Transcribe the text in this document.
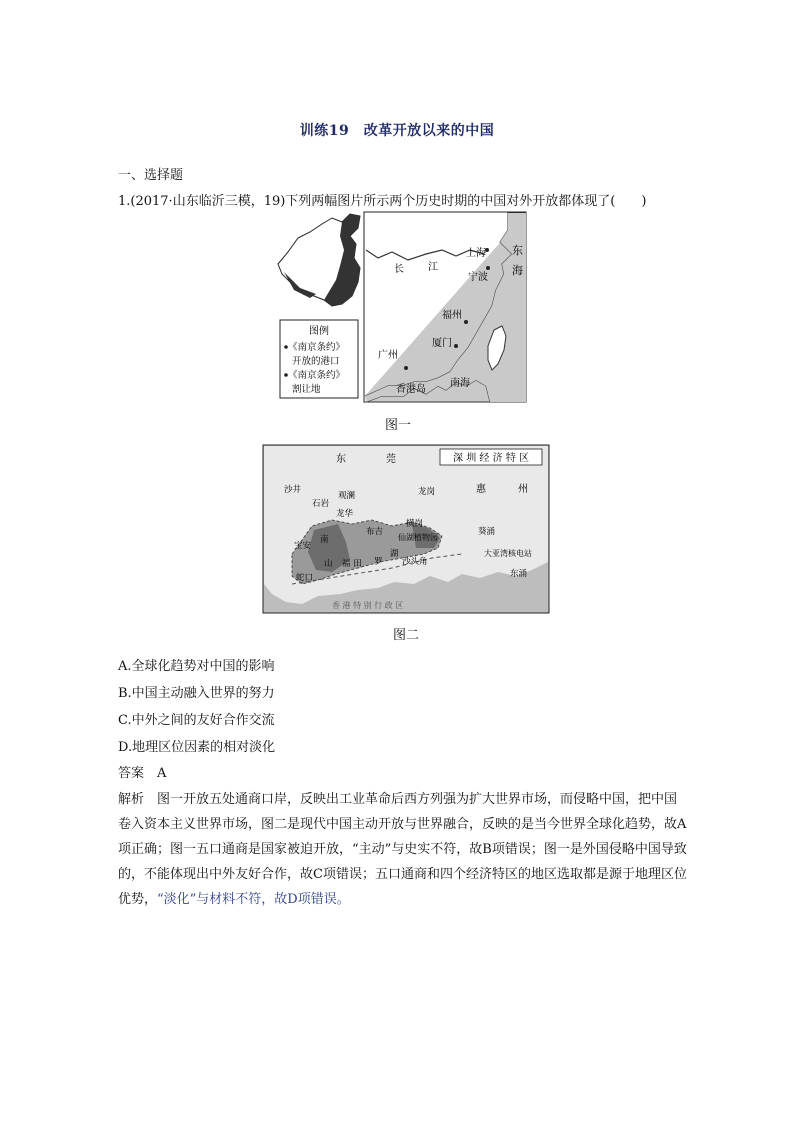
训练19　改革开放以来的中国
一、选择题
1.(2017·山东临沂三模，19)下列两幅图片所示两个历史时期的中国对外开放都体现了(　　)
图例
《南京条约》
开放的港口
《南京条约》
割让地
东
海
上海
长 江
宁波
福州
厦门
广州
香港岛
南海
图一
深 圳 经 济 特 区
东	莞
惠	州
沙井
石岩
观澜
龙华
龙岗
布吉
横岗
宝安
南
山 福 田 罗
湖
仙湖植物园
葵涌
沙头角
大亚湾核电站
东涌
蛇口
香 港 特 别 行 政 区
图二
A.全球化趋势对中国的影响
B.中国主动融入世界的努力
C.中外之间的友好合作交流
D.地理区位因素的相对淡化
答案　A
解析　图一开放五处通商口岸，反映出工业革命后西方列强为扩大世界市场，而侵略中国，把中国卷入资本主义世界市场，图二是现代中国主动开放与世界融合，反映的是当今世界全球化趋势，故A项正确；图一五口通商是国家被迫开放，“主动”与史实不符，故B项错误；图一是外国侵略中国导致的，不能体现出中外友好合作，故C项错误；五口通商和四个经济特区的地区选取都是源于地理区位优势，“淡化”与材料不符，故D项错误。
